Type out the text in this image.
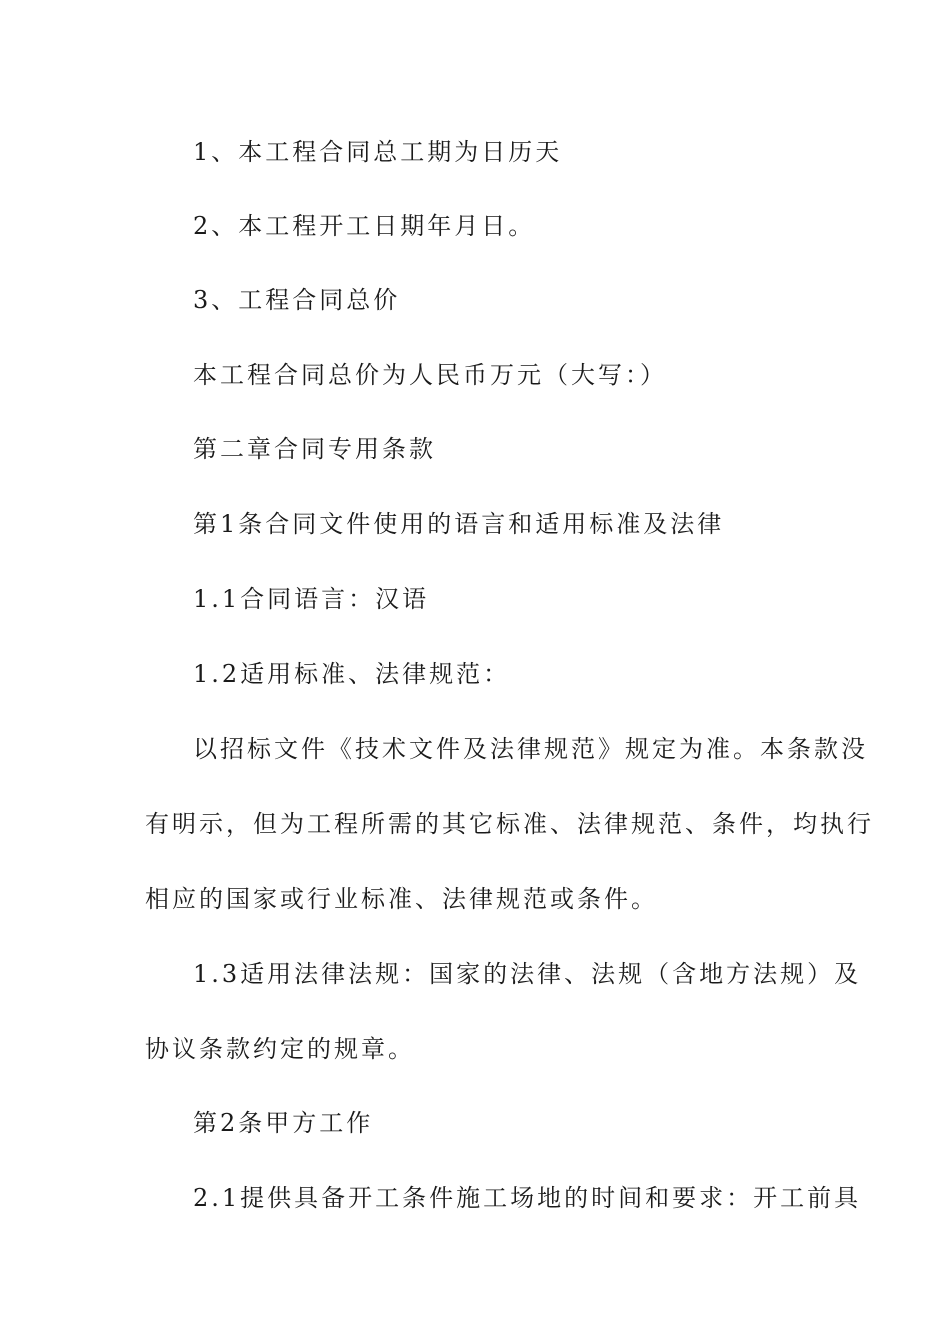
1、本工程合同总工期为日历天
2、本工程开工日期年月日。
3、工程合同总价
本工程合同总价为人民币万元（大写：）
第二章合同专用条款
第1条合同文件使用的语言和适用标准及法律
1.1合同语言：汉语
1.2适用标准、法律规范：
以招标文件《技术文件及法律规范》规定为准。本条款没
有明示，但为工程所需的其它标准、法律规范、条件，均执行
相应的国家或行业标准、法律规范或条件。
1.3适用法律法规：国家的法律、法规（含地方法规）及
协议条款约定的规章。
第2条甲方工作
2.1提供具备开工条件施工场地的时间和要求：开工前具
